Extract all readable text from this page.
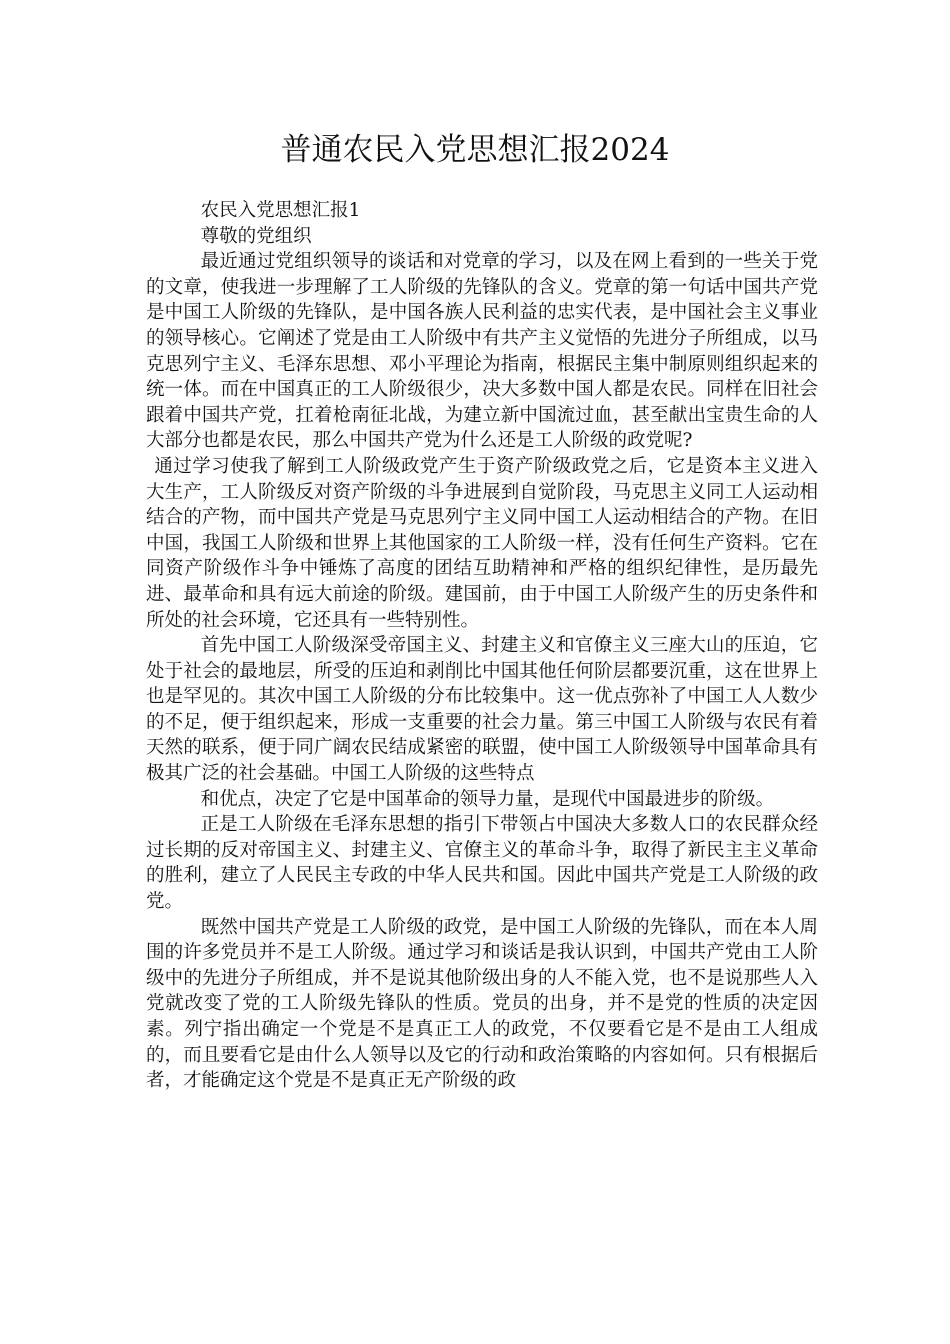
普通农民入党思想汇报2024

农民入党思想汇报1

尊敬的党组织

最近通过党组织领导的谈话和对党章的学习，以及在网上看到的一些关于党的文章，使我进一步理解了工人阶级的先锋队的含义。党章的第一句话中国共产党是中国工人阶级的先锋队，是中国各族人民利益的忠实代表，是中国社会主义事业的领导核心。它阐述了党是由工人阶级中有共产主义觉悟的先进分子所组成，以马克思列宁主义、毛泽东思想、邓小平理论为指南，根据民主集中制原则组织起来的统一体。而在中国真正的工人阶级很少，决大多数中国人都是农民。同样在旧社会跟着中国共产党，扛着枪南征北战，为建立新中国流过血，甚至献出宝贵生命的人大部分也都是农民，那么中国共产党为什么还是工人阶级的政党呢?

通过学习使我了解到工人阶级政党产生于资产阶级政党之后，它是资本主义进入大生产，工人阶级反对资产阶级的斗争进展到自觉阶段，马克思主义同工人运动相结合的产物，而中国共产党是马克思列宁主义同中国工人运动相结合的产物。在旧中国，我国工人阶级和世界上其他国家的工人阶级一样，没有任何生产资料。它在同资产阶级作斗争中锤炼了高度的团结互助精神和严格的组织纪律性，是历最先进、最革命和具有远大前途的阶级。建国前，由于中国工人阶级产生的历史条件和所处的社会环境，它还具有一些特别性。

首先中国工人阶级深受帝国主义、封建主义和官僚主义三座大山的压迫，它处于社会的最地层，所受的压迫和剥削比中国其他任何阶层都要沉重，这在世界上也是罕见的。其次中国工人阶级的分布比较集中。这一优点弥补了中国工人人数少的不足，便于组织起来，形成一支重要的社会力量。第三中国工人阶级与农民有着天然的联系，便于同广阔农民结成紧密的联盟，使中国工人阶级领导中国革命具有极其广泛的社会基础。中国工人阶级的这些特点

和优点，决定了它是中国革命的领导力量，是现代中国最进步的阶级。

正是工人阶级在毛泽东思想的指引下带领占中国决大多数人口的农民群众经过长期的反对帝国主义、封建主义、官僚主义的革命斗争，取得了新民主主义革命的胜利，建立了人民民主专政的中华人民共和国。因此中国共产党是工人阶级的政党。

既然中国共产党是工人阶级的政党，是中国工人阶级的先锋队，而在本人周围的许多党员并不是工人阶级。通过学习和谈话是我认识到，中国共产党由工人阶级中的先进分子所组成，并不是说其他阶级出身的人不能入党，也不是说那些人入党就改变了党的工人阶级先锋队的性质。党员的出身，并不是党的性质的决定因素。列宁指出确定一个党是不是真正工人的政党，不仅要看它是不是由工人组成的，而且要看它是由什么人领导以及它的行动和政治策略的内容如何。只有根据后者，才能确定这个党是不是真正无产阶级的政
